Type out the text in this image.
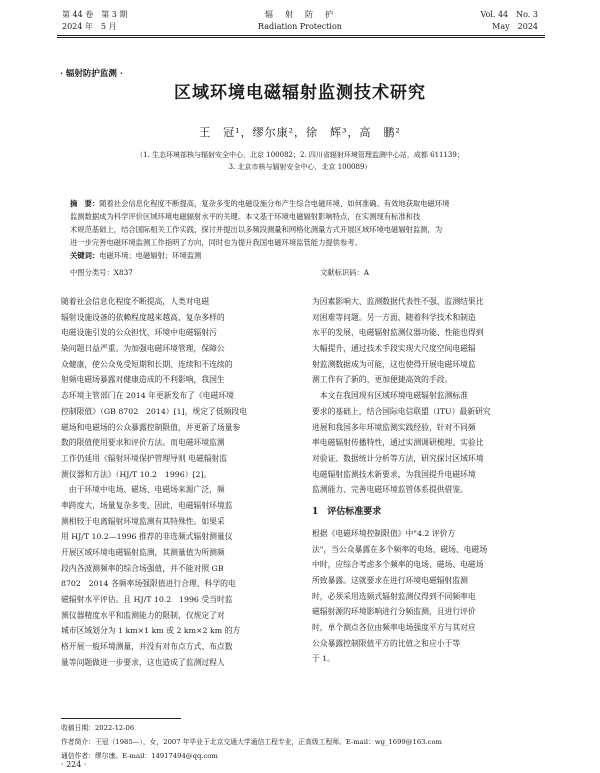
第 44 卷　第 3 期
2024 年　5 月
辐　射　防　护
Radiation Protection
Vol. 44　No. 3
May　2024
· 辐射防护监测 ·
区域环境电磁辐射监测技术研究
王　冠¹，缪尔康²，徐　辉³，高　鹏²
（1. 生态环境部核与辐射安全中心，北京 100082；2. 四川省辐射环境管理监测中心站，成都 611139；
3. 北京市核与辐射安全中心，北京 100089）
摘　要：随着社会信息化程度不断提高，复杂多变的电磁设施分布产生综合电磁环境，如何准确、有效地获取电磁环境
监测数据成为科学评价区域环境电磁辐射水平的关键。本文基于环境电磁辐射影响特点，在实测现有标准和技
术规范基础上，结合国际相关工作实践，探讨并提出以多频段测量和网格化测量方式开展区域环境电磁辐射监测，为
进一步完善电磁环境监测工作指明了方向，同时也为提升我国电磁环境监管能力提供参考。
关键词：电磁环境；电磁辐射；环境监测
中图分类号：X837	文献标识码：A
随着社会信息化程度不断提高，人类对电磁
辐射设施设备的依赖程度越来越高，复杂多样的
电磁设施引发的公众担忧，环境中电磁辐射污
染问题日益严重。为加强电磁环境管理，保障公
众健康，使公众免受短期和长期、连续和不连续的
射频电磁场暴露对健康造成的不利影响，我国生
态环境主管部门在 2014 年更新发布了《电磁环境
控制限值》（GB 8702　2014）[1]，规定了低频段电
磁场和电磁场的公众暴露控制限值，并更新了场量参
数的限值使用要求和评价方法。而电磁环境监测
工作仍延用《辐射环境保护管理导则 电磁辐射监
测仪器和方法》（HJ/T 10.2　1996）[2]。
　由于环境中电场、磁场、电磁场来源广泛，频
率跨度大，场量复杂多变，因此，电磁辐射环境监
测相较于电离辐射环境监测有其特殊性。如果采
用 HJ/T 10.2—1996 推荐的非选频式辐射测量仪
开展区域环境电磁辐射监测，其测量值为所测频
段内各波测频率的综合场强值，并不能对照 GB
8702　2014 各频率场强限值进行合理、科学的电
磁辐射水平评估。且 HJ/T 10.2　1996 受当时监
测仪器精度水平和监测能力的限制，仅规定了对
城市区域划分为 1 km×1 km 或 2 km×2 km 的方
格开展一般环境测量，并没有对布点方式、布点数
量等问题做进一步要求，这也造成了监测过程人
为因素影响大、监测数据代表性不强、监测结果比
对困难等问题。另一方面，随着科学技术和制造
水平的发展，电磁辐射监测仪器功能、性能也得到
大幅提升，通过技术手段实现大尺度空间电磁辐
射监测数据成为可能，这也使得开展电磁环境监
测工作有了新的、更加便捷高效的手段。
　本文在我国现有区域环境电磁辐射监测标准
要求的基础上，结合国际电信联盟（ITU）最新研究
进展和我国多年环境监测实践经验，针对不同频
率电磁辐射传播特性，通过实测调研梳理、实验比
对验证、数据统计分析等方法，研究探讨区域环境
电磁辐射监测技术新要求，为我国提升电磁环境
监测能力、完善电磁环境监管体系提供借鉴。
1　评估标准要求
根据《电磁环境控制限值》中"4.2 评价方
法"，当公众暴露在多个频率的电场、磁场、电磁场
中时，应综合考虑多个频率的电场、磁场、电磁场
所致暴露。这就要求在进行环境电磁辐射监测
时，必须采用选频式辐射监测仪得到不同频率电
磁辐射源的环境影响进行分频监测，且进行评价
时，单个测点各位由频率电场强度平方与其对应
公众暴露控制限值平方的比值之和应小于等
于 1。
收稿日期：2022-12-06
作者简介：王冠（1985—），女，2007 年毕业于北京交通大学通信工程专业，正高级工程师。E-mail：wg_1699@163.com
通信作者：缪尔康。E-mail：14917494@qq.com
· 224 ·
